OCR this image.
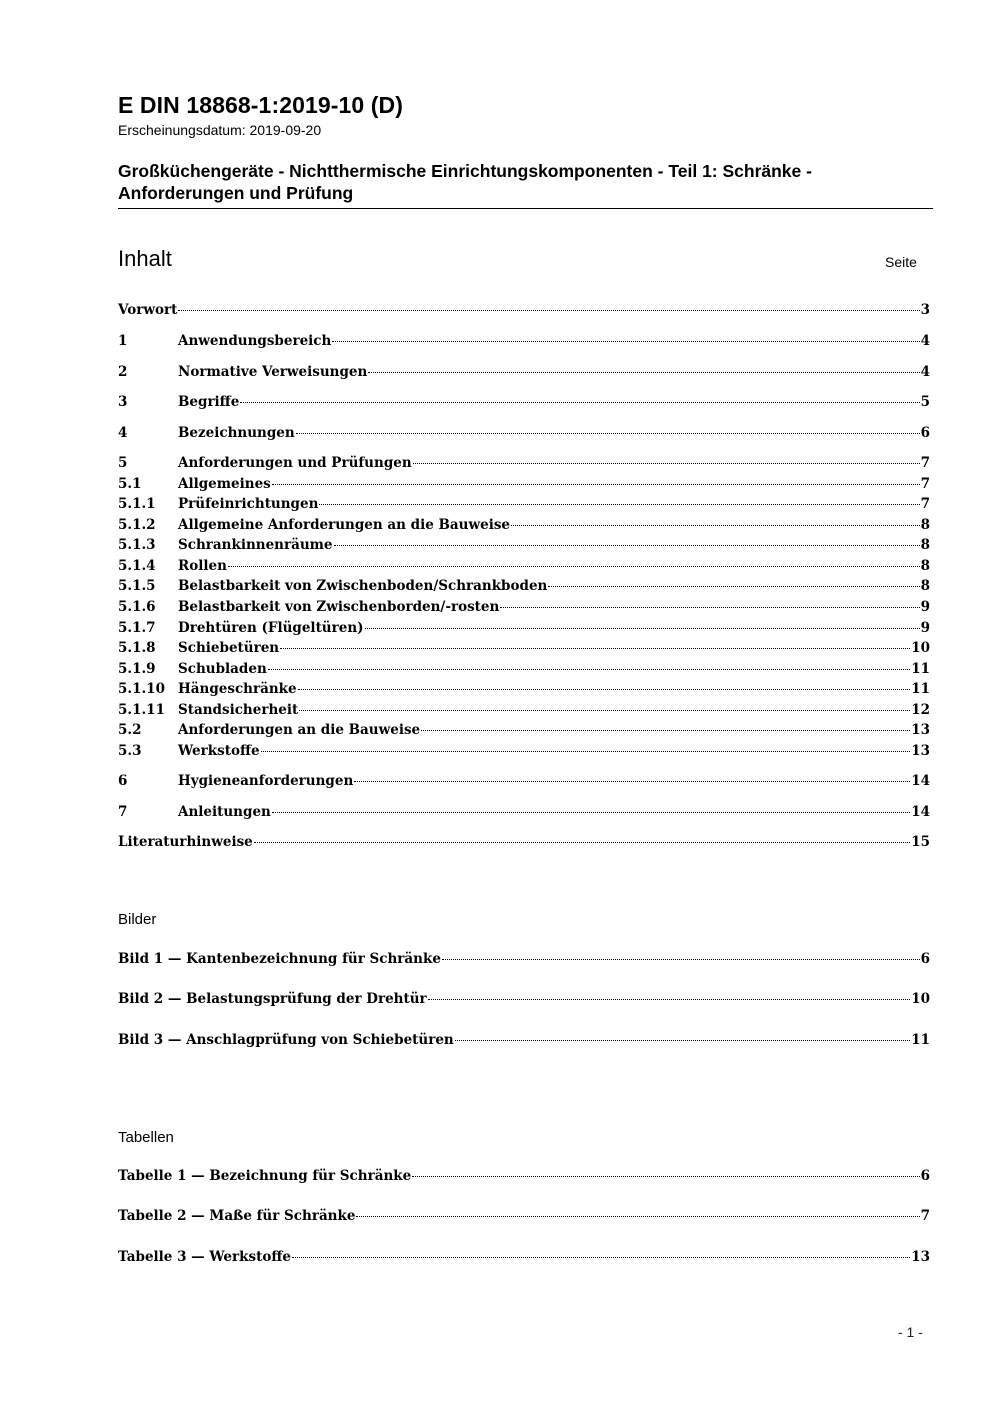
E DIN 18868-1:2019-10 (D)
Erscheinungsdatum: 2019-09-20
Großküchengeräte - Nichtthermische Einrichtungskomponenten - Teil 1: Schränke -
Anforderungen und Prüfung
Inhalt	Seite
Vorwort	3
1	Anwendungsbereich	4
2	Normative Verweisungen	4
3	Begriffe	5
4	Bezeichnungen	6
5	Anforderungen und Prüfungen	7
5.1	Allgemeines	7
5.1.1	Prüfeinrichtungen	7
5.1.2	Allgemeine Anforderungen an die Bauweise	8
5.1.3	Schrankinnenräume	8
5.1.4	Rollen	8
5.1.5	Belastbarkeit von Zwischenboden/Schrankboden	8
5.1.6	Belastbarkeit von Zwischenborden/-rosten	9
5.1.7	Drehtüren (Flügeltüren)	9
5.1.8	Schiebetüren	10
5.1.9	Schubladen	11
5.1.10 Hängeschränke	11
5.1.11 Standsicherheit	12
5.2	Anforderungen an die Bauweise	13
5.3	Werkstoffe	13
6	Hygieneanforderungen	14
7	Anleitungen	14
Literaturhinweise	15
Bilder
Bild 1 — Kantenbezeichnung für Schränke	6
Bild 2 — Belastungsprüfung der Drehtür	10
Bild 3 — Anschlagprüfung von Schiebetüren	11
Tabellen
Tabelle 1 — Bezeichnung für Schränke	6
Tabelle 2 — Maße für Schränke	7
Tabelle 3 — Werkstoffe	13
- 1 -
